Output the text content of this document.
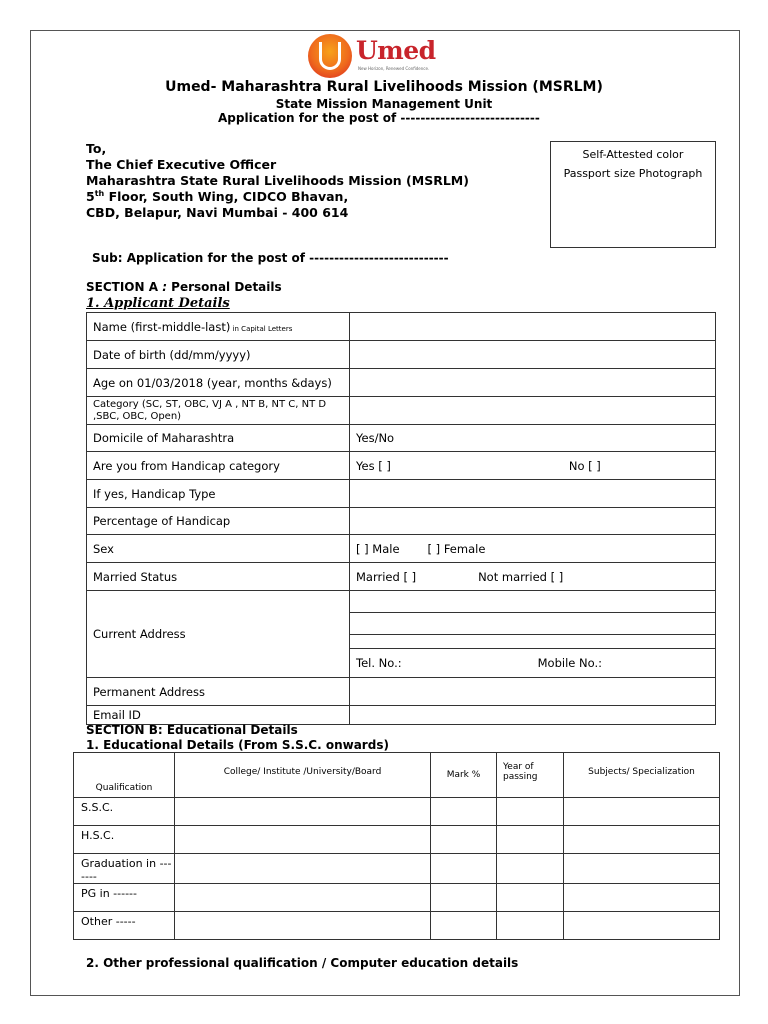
Umed
New Horizon, Renewed Confidence.
Umed- Maharashtra Rural Livelihoods Mission (MSRLM)
State Mission Management Unit
Application for the post of ----------------------------
To,
The Chief Executive Officer
Maharashtra State Rural Livelihoods Mission (MSRLM)
5th Floor, South Wing, CIDCO Bhavan,
CBD, Belapur, Navi Mumbai - 400 614
Self-Attested color
Passport size Photograph
Sub: Application for the post of ----------------------------
SECTION A : Personal Details
1. Applicant Details
Name (first-middle-last) in Capital Letters	
Date of birth (dd/mm/yyyy)	
Age on 01/03/2018 (year, months &days)	
Category (SC, ST, OBC, VJ A , NT B, NT C, NT D ,SBC, OBC, Open)	
Domicile of Maharashtra	Yes/No
Are you from Handicap category	Yes [ ] No [ ]
If yes, Handicap Type	
Percentage of Handicap	
Sex	[ ] Male [ ] Female
Married Status	Married [ ] Not married [ ]
Current Address	

	Tel. No.: Mobile No.:
Permanent Address	
Email ID	
SECTION B: Educational Details
1. Educational Details (From S.S.C. onwards)
Qualification	College/ Institute /University/Board	Mark %	Year of passing	Subjects/ Specialization
S.S.C.				
H.S.C.				
Graduation in -------				
PG in ------				
Other -----				
2. Other professional qualification / Computer education details
